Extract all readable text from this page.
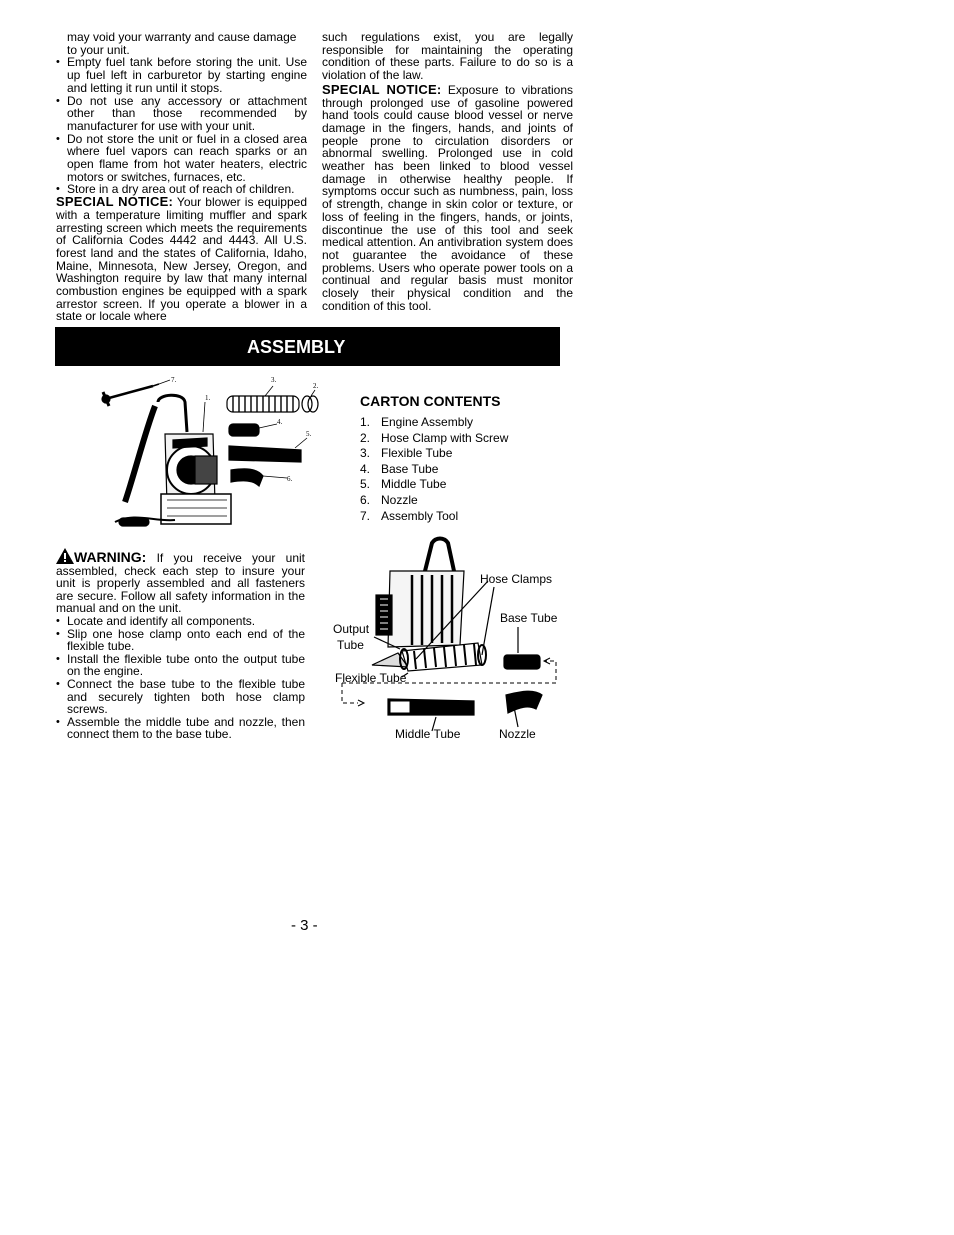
may void your warranty and cause damage

to your unit.

• Empty fuel tank before storing the unit. Use up fuel left in carburetor by starting engine and letting it run until it stops.
• Do not use any accessory or attachment other than those recommended by manufacturer for use with your unit.
• Do not store the unit or fuel in a closed area where fuel vapors can reach sparks or an open flame from hot water heaters, electric motors or switches, furnaces, etc.
• Store in a dry area out of reach of children.

SPECIAL NOTICE: Your blower is equipped with a temperature limiting muffler and spark arresting screen which meets the requirements of California Codes 4442 and 4443. All U.S. forest land and the states of California, Idaho, Maine, Minnesota, New Jersey, Oregon, and Washington require by law that many internal combustion engines be equipped with a spark arrestor screen. If you operate a blower in a state or locale where

such regulations exist, you are legally responsible for maintaining the operating condition of these parts. Failure to do so is a violation of the law.

SPECIAL NOTICE: Exposure to vibrations through prolonged use of gasoline powered hand tools could cause blood vessel or nerve damage in the fingers, hands, and joints of people prone to circulation disorders or abnormal swelling. Prolonged use in cold weather has been linked to blood vessel damage in otherwise healthy people. If symptoms occur such as numbness, pain, loss of strength, change in skin color or texture, or loss of feeling in the fingers, hands, or joints, discontinue the use of this tool and seek medical attention. An antivibration system does not guarantee the avoidance of these problems. Users who operate power tools on a continual and regular basis must monitor closely their physical condition and the condition of this tool.

ASSEMBLY
7.
1.
3.
2.
4.
5.
6.

CARTON CONTENTS

1. Engine Assembly
2. Hose Clamp with Screw
3. Flexible Tube
4. Base Tube
5. Middle Tube
6. Nozzle
7. Assembly Tool

WARNING: If you receive your unit assembled, check each step to insure your unit is properly assembled and all fasteners are secure. Follow all safety information in the manual and on the unit.

• Locate and identify all components.
• Slip one hose clamp onto each end of the flexible tube.
• Install the flexible tube onto the output tube on the engine.
• Connect the base tube to the flexible tube and securely tighten both hose clamp screws.
• Assemble the middle tube and nozzle, then connect them to the base tube.
Hose Clamps
Base Tube
Output
Tube
Flexible Tube
Middle Tube	Nozzle
- 3 -
